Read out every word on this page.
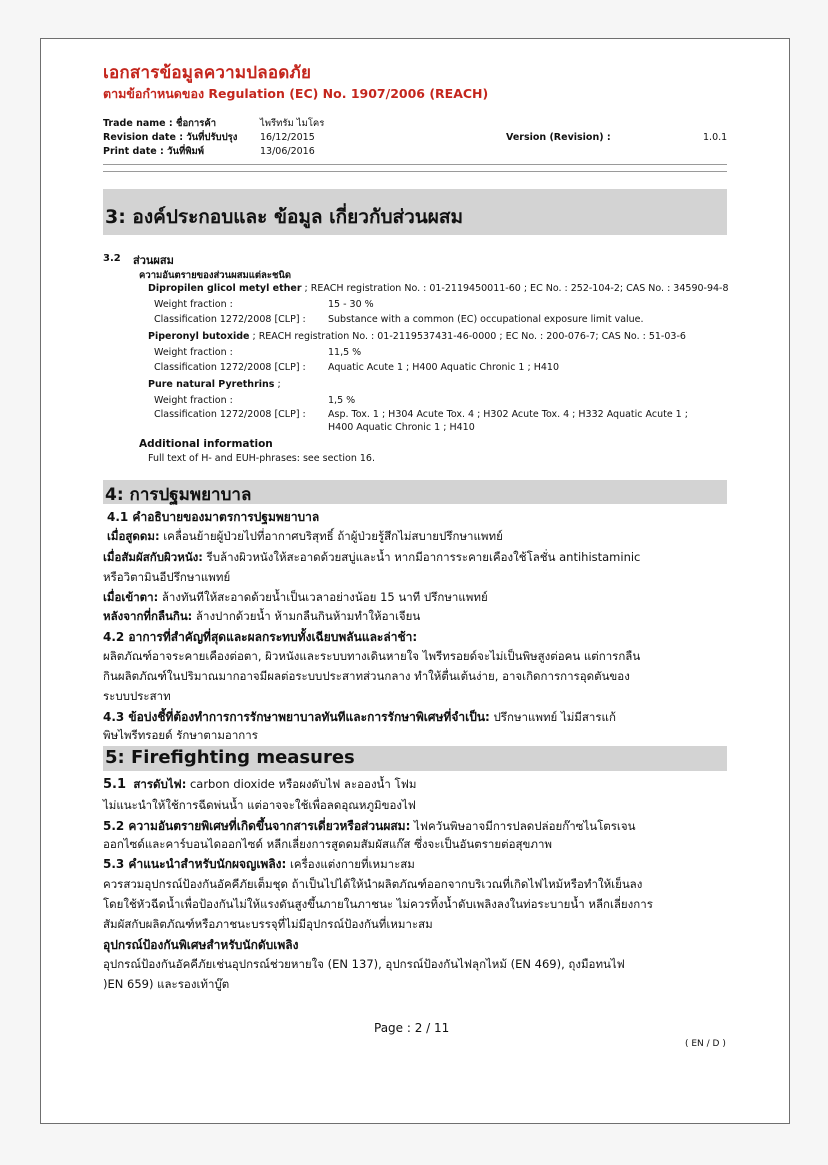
เอกสารข้อมูลความปลอดภัย
ตามข้อกำหนดของ Regulation (EC) No. 1907/2006 (REACH)
Trade name : ชื่อการค้า	ไพรีทรัม ไมโคร
Revision date : วันที่ปรับปรุง 16/12/2015	Version (Revision) :	1.0.1
Print date : วันที่พิมพ์	13/06/2016
3: องค์ประกอบและ ข้อมูล เกี่ยวกับส่วนผสม
3.2 ส่วนผสม
ความอันตรายของส่วนผสมแต่ละชนิด
Dipropilen glicol metyl ether ; REACH registration No. : 01-2119450011-60 ; EC No. : 252-104-2; CAS No. : 34590-94-8
Weight fraction :	15 - 30 %
Classification 1272/2008 [CLP] : Substance with a common (EC) occupational exposure limit value.
Piperonyl butoxide ; REACH registration No. : 01-2119537431-46-0000 ; EC No. : 200-076-7; CAS No. : 51-03-6
Weight fraction :	11,5 %
Classification 1272/2008 [CLP] : Aquatic Acute 1 ; H400 Aquatic Chronic 1 ; H410
Pure natural Pyrethrins ;
Weight fraction :	1,5 %
Classification 1272/2008 [CLP] : Asp. Tox. 1 ; H304 Acute Tox. 4 ; H302 Acute Tox. 4 ; H332 Aquatic Acute 1 ;
H400 Aquatic Chronic 1 ; H410
Additional information
Full text of H- and EUH-phrases: see section 16.
4: การปฐมพยาบาล
4.1 คำอธิบายของมาตรการปฐมพยาบาล
เมื่อสูดดม: เคลื่อนย้ายผู้ป่วยไปที่อากาศบริสุทธิ์ ถ้าผู้ป่วยรู้สึกไม่สบายปรึกษาแพทย์
เมื่อสัมผัสกับผิวหนัง: รีบล้างผิวหนังให้สะอาดด้วยสบู่และน้ำ หากมีอาการระคายเคืองใช้โลชั่น antihistaminic
หรือวิตามินอีปรึกษาแพทย์
เมื่อเข้าตา: ล้างทันทีให้สะอาดด้วยน้ำเป็นเวลาอย่างน้อย 15 นาที ปรึกษาแพทย์
หลังจากที่กลืนกิน: ล้างปากด้วยน้ำ ห้ามกลืนกินห้ามทำให้อาเจียน
4.2 อาการที่สำคัญที่สุดและผลกระทบทั้งเฉียบพลันและล่าช้า:
ผลิตภัณฑ์อาจระคายเคืองต่อตา, ผิวหนังและระบบทางเดินหายใจ ไพรีทรอยด์จะไม่เป็นพิษสูงต่อคน แต่การกลืน
กินผลิตภัณฑ์ในปริมาณมากอาจมีผลต่อระบบประสาทส่วนกลาง ทำให้ตื่นเต้นง่าย, อาจเกิดการการอุดตันของ
ระบบประสาท
4.3 ข้อบ่งชี้ที่ต้องทำการการรักษาพยาบาลทันทีและการรักษาพิเศษที่จำเป็น: ปรึกษาแพทย์ ไม่มีสารแก้
พิษไพรีทรอยด์ รักษาตามอาการ
5: Firefighting measures
5.1 สารดับไฟ: carbon dioxide หรือผงดับไฟ ละอองน้ำ โฟม
ไม่แนะนำให้ใช้การฉีดพ่นน้ำ แต่อาจจะใช้เพื่อลดอุณหภูมิของไฟ
5.2 ความอันตรายพิเศษที่เกิดขึ้นจากสารเดี่ยวหรือส่วนผสม: ไฟควันพิษอาจมีการปลดปล่อยก๊าซไนโตรเจน
ออกไซด์และคาร์บอนไดออกไซด์ หลีกเลี่ยงการสูดดมสัมผัสแก๊ส ซึ่งจะเป็นอันตรายต่อสุขภาพ
5.3 คำแนะนำสำหรับนักผจญเพลิง: เครื่องแต่งกายที่เหมาะสม
ควรสวมอุปกรณ์ป้องกันอัคคีภัยเต็มชุด ถ้าเป็นไปได้ให้นำผลิตภัณฑ์ออกจากบริเวณที่เกิดไฟไหม้หรือทำให้เย็นลง
โดยใช้หัวฉีดน้ำเพื่อป้องกันไม่ให้แรงดันสูงขึ้นภายในภาชนะ ไม่ควรทิ้งน้ำดับเพลิงลงในท่อระบายน้ำ หลีกเลี่ยงการ
สัมผัสกับผลิตภัณฑ์หรือภาชนะบรรจุที่ไม่มีอุปกรณ์ป้องกันที่เหมาะสม
อุปกรณ์ป้องกันพิเศษสำหรับนักดับเพลิง
อุปกรณ์ป้องกันอัคคีภัยเช่นอุปกรณ์ช่วยหายใจ (EN 137), อุปกรณ์ป้องกันไฟลุกไหม้ (EN 469), ถุงมือทนไฟ
)EN 659) และรองเท้าบู๊ต
Page : 2 / 11
( EN / D )
